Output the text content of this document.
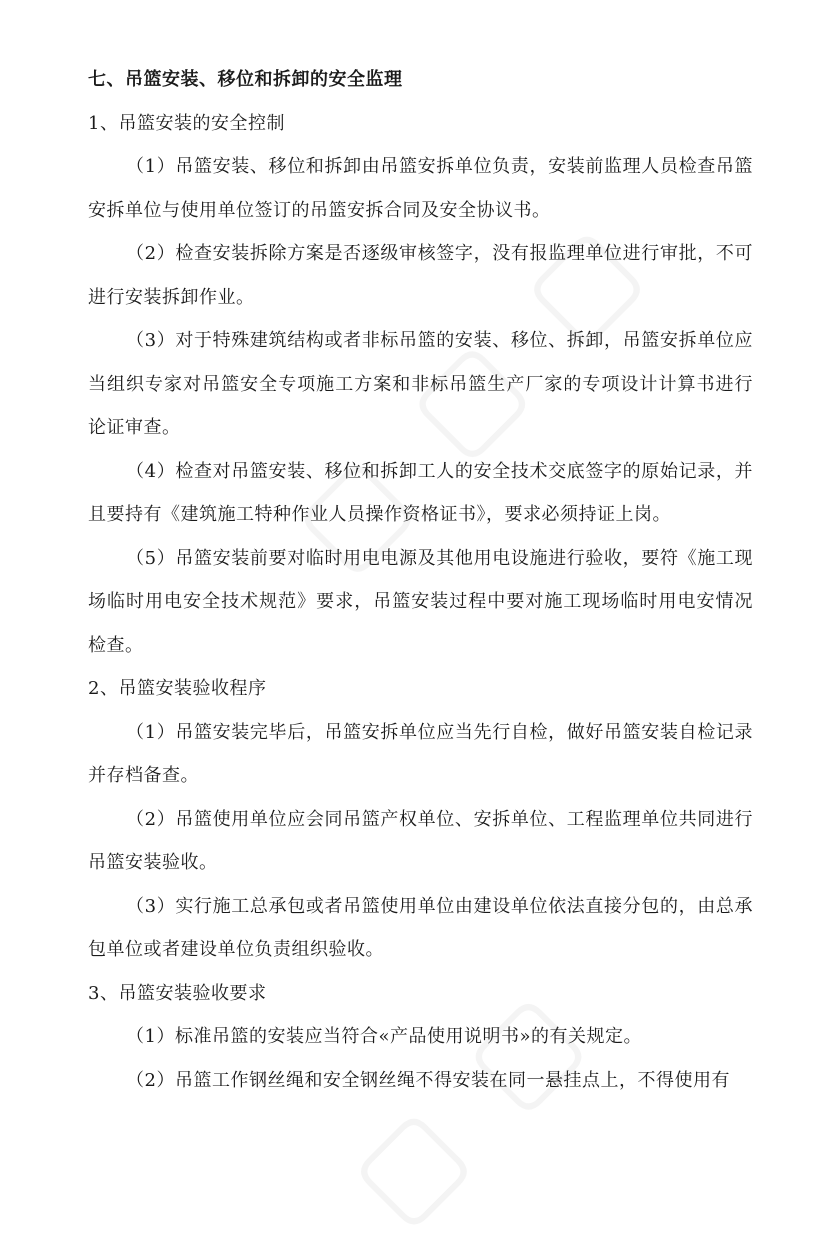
七、吊篮安装、移位和拆卸的安全监理

1、吊篮安装的安全控制

（1）吊篮安装、移位和拆卸由吊篮安拆单位负责，安装前监理人员检查吊篮安拆单位与使用单位签订的吊篮安拆合同及安全协议书。

（2）检查安装拆除方案是否逐级审核签字，没有报监理单位进行审批，不可进行安装拆卸作业。

（3）对于特殊建筑结构或者非标吊篮的安装、移位、拆卸，吊篮安拆单位应当组织专家对吊篮安全专项施工方案和非标吊篮生产厂家的专项设计计算书进行论证审查。

（4）检查对吊篮安装、移位和拆卸工人的安全技术交底签字的原始记录，并且要持有《建筑施工特种作业人员操作资格证书》，要求必须持证上岗。

（5）吊篮安装前要对临时用电电源及其他用电设施进行验收，要符《施工现场临时用电安全技术规范》要求，吊篮安装过程中要对施工现场临时用电安情况检查。

2、吊篮安装验收程序

（1）吊篮安装完毕后，吊篮安拆单位应当先行自检，做好吊篮安装自检记录并存档备查。

（2）吊篮使用单位应会同吊篮产权单位、安拆单位、工程监理单位共同进行吊篮安装验收。

（3）实行施工总承包或者吊篮使用单位由建设单位依法直接分包的，由总承包单位或者建设单位负责组织验收。

3、吊篮安装验收要求

（1）标准吊篮的安装应当符合«产品使用说明书»的有关规定。

（2）吊篮工作钢丝绳和安全钢丝绳不得安装在同一悬挂点上，不得使用有
